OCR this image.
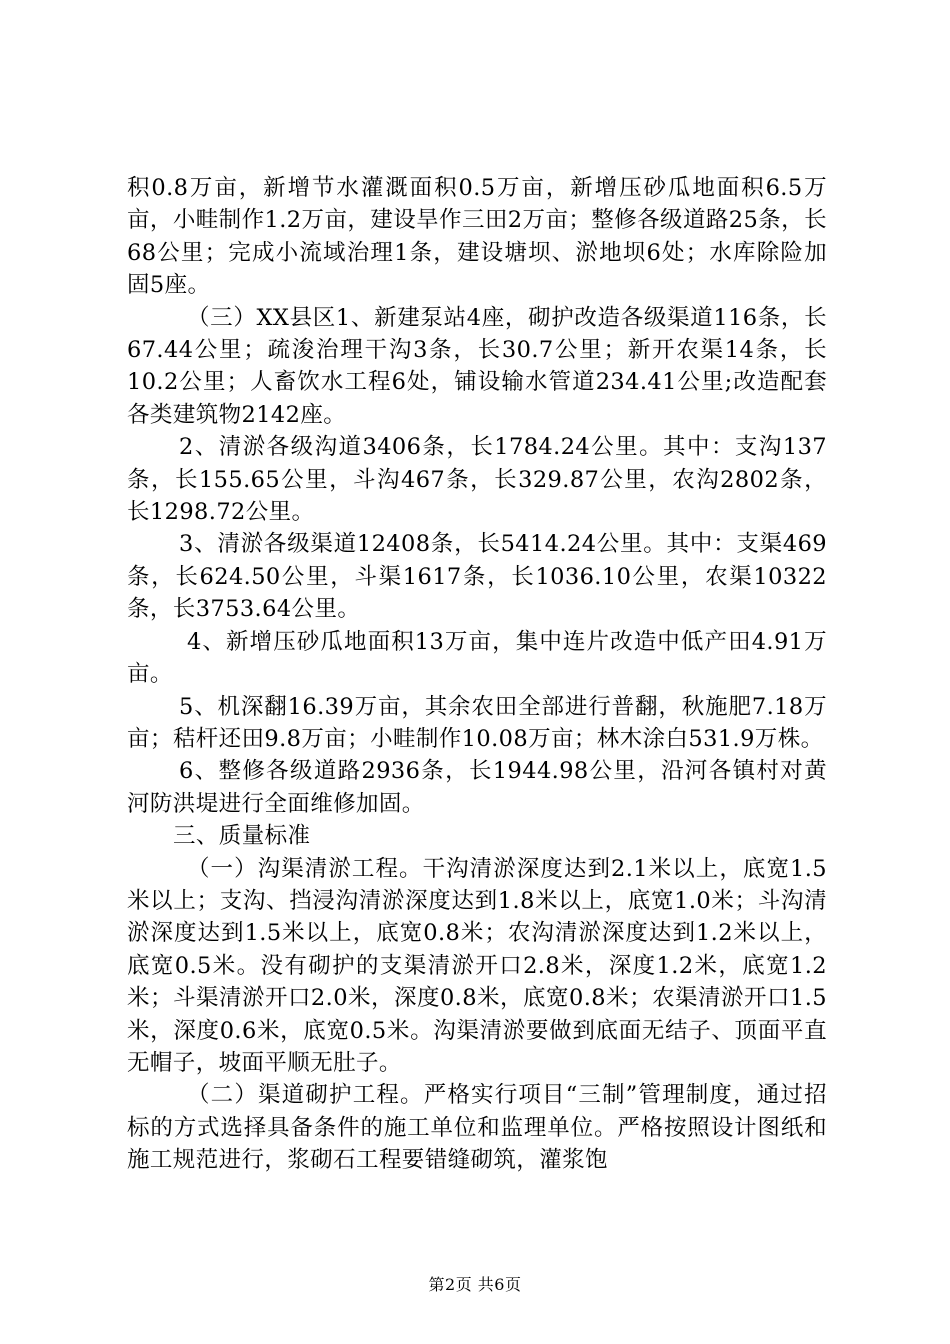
积0.8万亩，新增节水灌溉面积0.5万亩，新增压砂瓜地面积6.5万亩，小畦制作1.2万亩，建设旱作三田2万亩；整修各级道路25条，长68公里；完成小流域治理1条，建设塘坝、淤地坝6处；水库除险加固5座。

（三）XX县区1、新建泵站4座，砌护改造各级渠道116条，长67.44公里；疏浚治理干沟3条，长30.7公里；新开农渠14条，长10.2公里；人畜饮水工程6处，铺设输水管道234.41公里;改造配套各类建筑物2142座。

2、清淤各级沟道3406条，长1784.24公里。其中：支沟137条，长155.65公里，斗沟467条，长329.87公里，农沟2802条，长1298.72公里。

3、清淤各级渠道12408条，长5414.24公里。其中：支渠469条，长624.50公里，斗渠1617条，长1036.10公里，农渠10322条，长3753.64公里。

4、新增压砂瓜地面积13万亩，集中连片改造中低产田4.91万亩。

5、机深翻16.39万亩，其余农田全部进行普翻，秋施肥7.18万亩；秸杆还田9.8万亩；小畦制作10.08万亩；林木涂白531.9万株。

6、整修各级道路2936条，长1944.98公里，沿河各镇村对黄河防洪堤进行全面维修加固。

三、质量标准

（一）沟渠清淤工程。干沟清淤深度达到2.1米以上，底宽1.5米以上；支沟、挡浸沟清淤深度达到1.8米以上，底宽1.0米；斗沟清淤深度达到1.5米以上，底宽0.8米；农沟清淤深度达到1.2米以上，底宽0.5米。没有砌护的支渠清淤开口2.8米，深度1.2米，底宽1.2米；斗渠清淤开口2.0米，深度0.8米，底宽0.8米；农渠清淤开口1.5米，深度0.6米，底宽0.5米。沟渠清淤要做到底面无结子、顶面平直无帽子，坡面平顺无肚子。

（二）渠道砌护工程。严格实行项目“三制”管理制度，通过招标的方式选择具备条件的施工单位和监理单位。严格按照设计图纸和施工规范进行，浆砌石工程要错缝砌筑，灌浆饱

第2页 共6页
